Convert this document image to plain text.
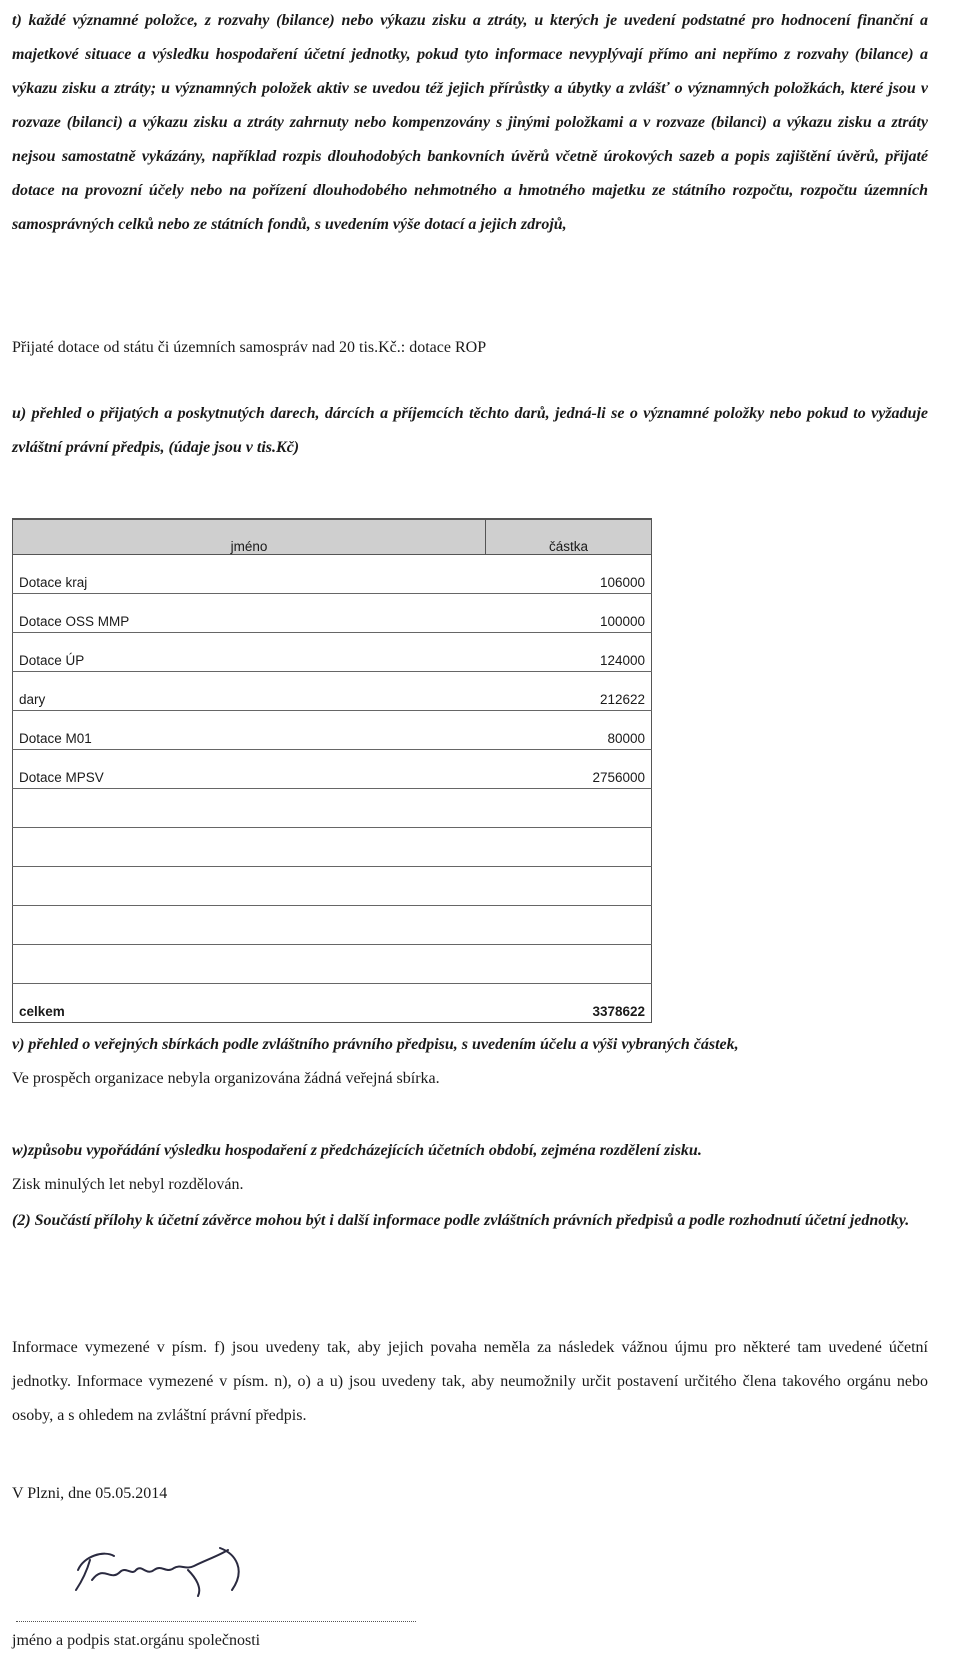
t) každé významné položce, z rozvahy (bilance) nebo výkazu zisku a ztráty, u kterých je uvedení podstatné pro hodnocení finanční a majetkové situace a výsledku hospodaření účetní jednotky, pokud tyto informace nevyplývají přímo ani nepřímo z rozvahy (bilance) a výkazu zisku a ztráty; u významných položek aktiv se uvedou též jejich přírůstky a úbytky a zvlášť o významných položkách, které jsou v rozvaze (bilanci) a výkazu zisku a ztráty zahrnuty nebo kompenzovány s jinými položkami a v rozvaze (bilanci) a výkazu zisku a ztráty nejsou samostatně vykázány, například rozpis dlouhodobých bankovních úvěrů včetně úrokových sazeb a popis zajištění úvěrů, přijaté dotace na provozní účely nebo na pořízení dlouhodobého nehmotného a hmotného majetku ze státního rozpočtu, rozpočtu územních samosprávných celků nebo ze státních fondů, s uvedením výše dotací a jejich zdrojů,

Přijaté dotace od státu či územních samospráv nad 20 tis.Kč.: dotace ROP

u) přehled o přijatých a poskytnutých darech, dárcích a příjemcích těchto darů, jedná-li se o významné položky nebo pokud to vyžaduje zvláštní právní předpis, (údaje jsou v tis.Kč)

jméno	částka
Dotace kraj	106000
Dotace OSS MMP	100000
Dotace ÚP	124000
dary	212622
Dotace M01	80000
Dotace MPSV	2756000

celkem	3378622

v) přehled o veřejných sbírkách podle zvláštního právního předpisu, s uvedením účelu a výši vybraných částek,

Ve prospěch organizace nebyla organizována žádná veřejná sbírka.

w)způsobu vypořádání výsledku hospodaření z předcházejících účetních období, zejména rozdělení zisku.

Zisk minulých let nebyl rozdělován.

(2) Součástí přílohy k účetní závěrce mohou být i další informace podle zvláštních právních předpisů a podle rozhodnutí účetní jednotky.

Informace vymezené v písm. f) jsou uvedeny tak, aby jejich povaha neměla za následek vážnou újmu pro některé tam uvedené účetní jednotky. Informace vymezené v písm. n), o) a u) jsou uvedeny tak, aby neumožnily určit postavení určitého člena takového orgánu nebo osoby, a s ohledem na zvláštní právní předpis.

V Plzni, dne 05.05.2014

jméno a podpis stat.orgánu společnosti
